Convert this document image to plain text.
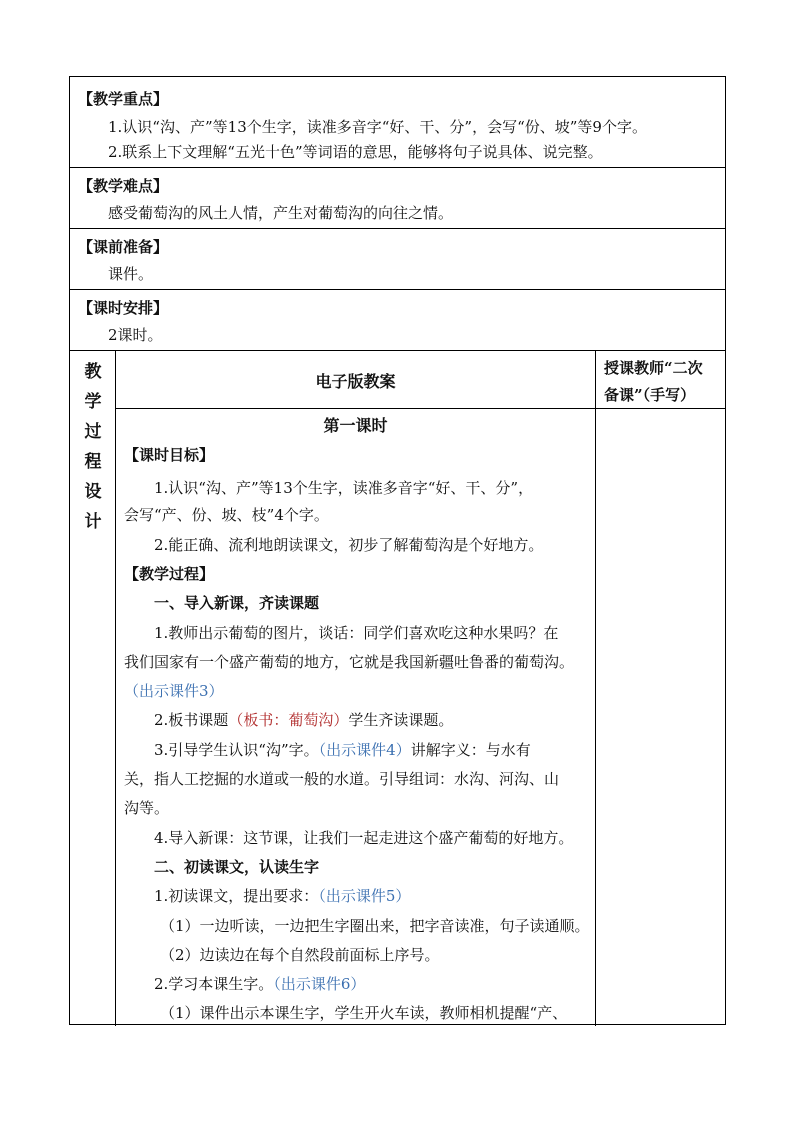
【教学重点】
1.认识“沟、产”等13个生字，读准多音字“好、干、分”，会写“份、坡”等9个字。
2.联系上下文理解“五光十色”等词语的意思，能够将句子说具体、说完整。
【教学难点】
感受葡萄沟的风土人情，产生对葡萄沟的向往之情。
【课前准备】
课件。
【课时安排】
2课时。
教
学
过
程
设
计
电子版教案
授课教师“二次
备课”（手写）
第一课时
【课时目标】
1.认识“沟、产”等13个生字，读准多音字“好、干、分”，
会写“产、份、坡、枝”4个字。
2.能正确、流利地朗读课文，初步了解葡萄沟是个好地方。
【教学过程】
一、导入新课，齐读课题
1.教师出示葡萄的图片，谈话：同学们喜欢吃这种水果吗？在
我们国家有一个盛产葡萄的地方，它就是我国新疆吐鲁番的葡萄沟。
（出示课件3）
2.板书课题（板书：葡萄沟）学生齐读课题。
3.引导学生认识“沟”字。（出示课件4）讲解字义：与水有
关，指人工挖掘的水道或一般的水道。引导组词：水沟、河沟、山
沟等。
4.导入新课：这节课，让我们一起走进这个盛产葡萄的好地方。
二、初读课文，认读生字
1.初读课文，提出要求：（出示课件5）
（1）一边听读，一边把生字圈出来，把字音读准，句子读通顺。
（2）边读边在每个自然段前面标上序号。
2.学习本课生字。（出示课件6）
（1）课件出示本课生字，学生开火车读，教师相机提醒“产、
